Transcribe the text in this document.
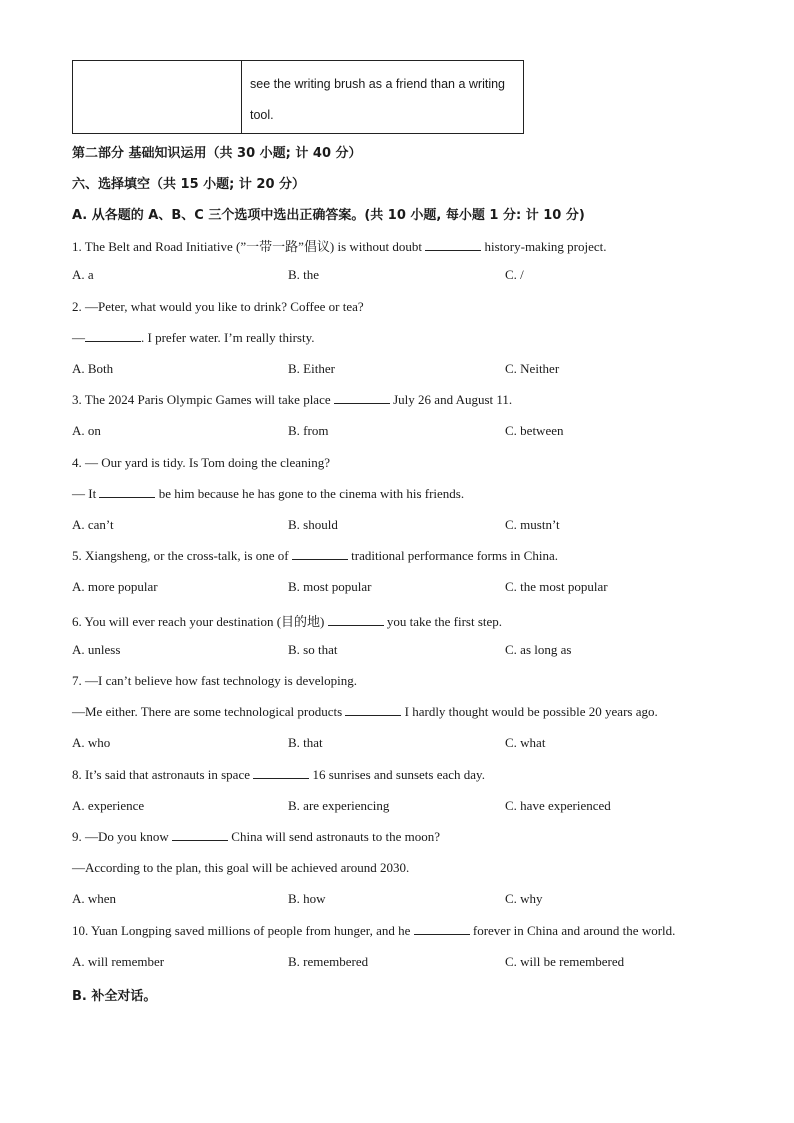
	see the writing brush as a friend than a writing tool.
第二部分 基础知识运用（共 30 小题; 计 40 分）
六、选择填空（共 15 小题; 计 20 分）
A. 从各题的 A、B、C 三个选项中选出正确答案。(共 10 小题, 每小题 1 分: 计 10 分)
1. The Belt and Road Initiative (”一带一路”倡议) is without doubt	history-making project.
A. a	B. the	C. /
2. —Peter, what would you like to drink? Coffee or tea?
—	. I prefer water. I’m really thirsty.
A. Both	B. Either	C. Neither
3. The 2024 Paris Olympic Games will take place	July 26 and August 11.
A. on	B. from	C. between
4. — Our yard is tidy. Is Tom doing the cleaning?
— It	be him because he has gone to the cinema with his friends.
A. can’t	B. should	C. mustn’t
5. Xiangsheng, or the cross-talk, is one of	traditional performance forms in China.
A. more popular	B. most popular	C. the most popular
6. You will ever reach your destination (目的地)	you take the first step.
A. unless	B. so that	C. as long as
7. —I can’t believe how fast technology is developing.
—Me either. There are some technological products	I hardly thought would be possible 20 years ago.
A. who	B. that	C. what
8. It’s said that astronauts in space	16 sunrises and sunsets each day.
A. experience	B. are experiencing	C. have experienced
9. —Do you know	China will send astronauts to the moon?
—According to the plan, this goal will be achieved around 2030.
A. when	B. how	C. why
10. Yuan Longping saved millions of people from hunger, and he	forever in China and around the world.
A. will remember	B. remembered	C. will be remembered
B. 补全对话。
